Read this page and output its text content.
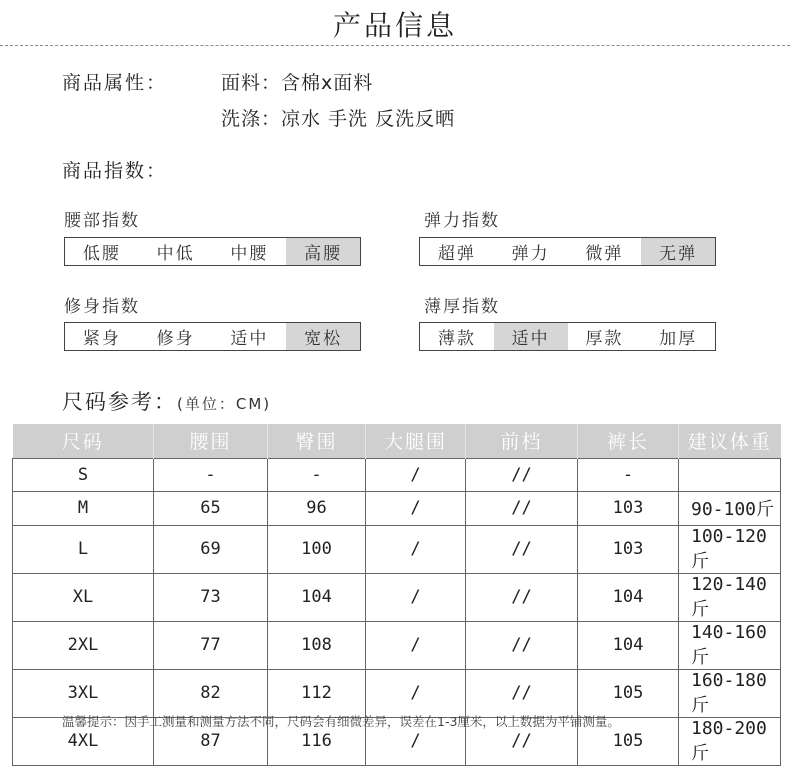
产品信息
商品属性：	面料：含棉x面料
洗涤：凉水 手洗 反洗反晒
商品指数：
腰部指数
低腰	中低	中腰	高腰
弹力指数
超弹	弹力	微弹	无弹
修身指数
紧身	修身	适中	宽松
薄厚指数
薄款	适中	厚款	加厚
尺码参考：(单位：CM)
尺码	腰围	臀围	大腿围	前档	裤长	建议体重
S	-	-	/	//	-	
M	65	96	/	//	103	90-100斤
L	69	100	/	//	103	100-120斤
XL	73	104	/	//	104	120-140斤
2XL	77	108	/	//	104	140-160斤
3XL	82	112	/	//	105	160-180斤
4XL	87	116	/	//	105	180-200斤
温馨提示：因手工测量和测量方法不同，尺码会有细微差异，误差在1-3厘米，以上数据为平铺测量。
